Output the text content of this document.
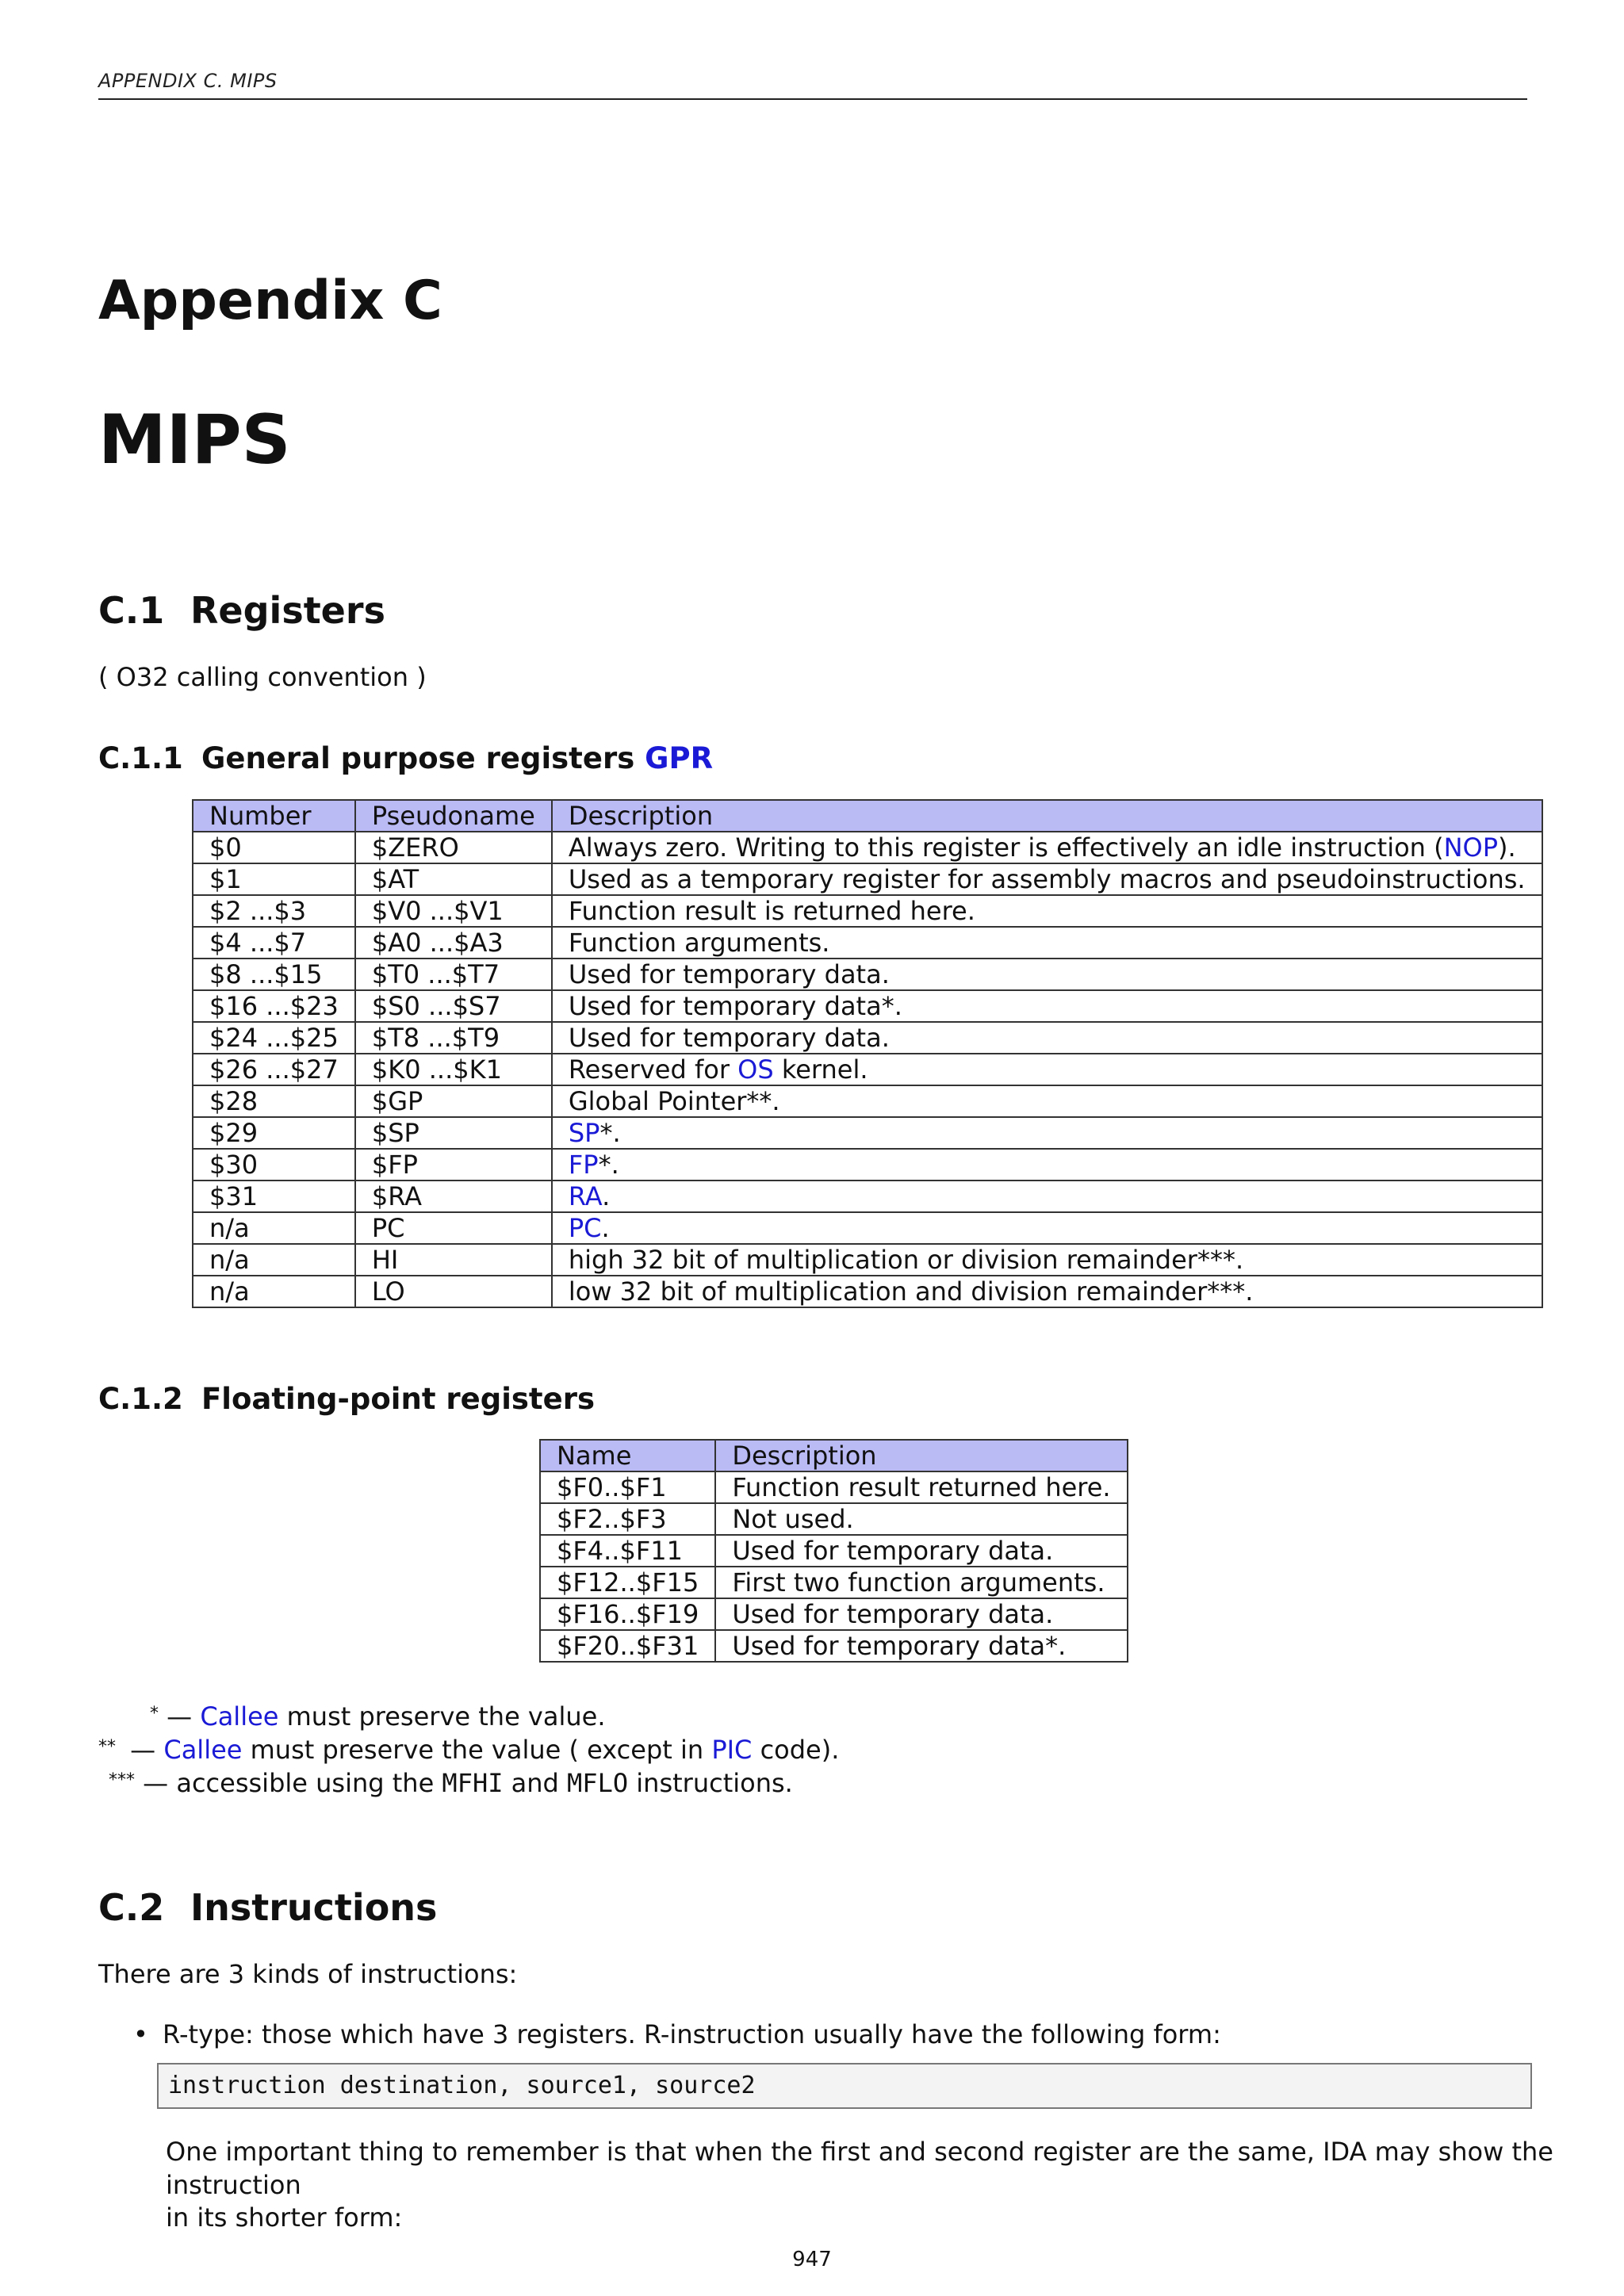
APPENDIX C. MIPS
Appendix C
MIPS
C.1 Registers
( O32 calling convention )
C.1.1 General purpose registers GPR
Number	Pseudoname	Description
$0	$ZERO	Always zero. Writing to this register is effectively an idle instruction (NOP).
$1	$AT	Used as a temporary register for assembly macros and pseudoinstructions.
$2 ...$3	$V0 ...$V1	Function result is returned here.
$4 ...$7	$A0 ...$A3	Function arguments.
$8 ...$15	$T0 ...$T7	Used for temporary data.
$16 ...$23	$S0 ...$S7	Used for temporary data*.
$24 ...$25	$T8 ...$T9	Used for temporary data.
$26 ...$27	$K0 ...$K1	Reserved for OS kernel.
$28	$GP	Global Pointer**.
$29	$SP	SP*.
$30	$FP	FP*.
$31	$RA	RA.
n/a	PC	PC.
n/a	HI	high 32 bit of multiplication or division remainder***.
n/a	LO	low 32 bit of multiplication and division remainder***.
C.1.2 Floating-point registers
Name	Description
$F0..$F1	Function result returned here.
$F2..$F3	Not used.
$F4..$F11	Used for temporary data.
$F12..$F15	First two function arguments.
$F16..$F19	Used for temporary data.
$F20..$F31	Used for temporary data*.
* — Callee must preserve the value.
** — Callee must preserve the value ( except in PIC code).
*** — accessible using the MFHI and MFLO instructions.
C.2 Instructions
There are 3 kinds of instructions:
• R-type: those which have 3 registers. R-instruction usually have the following form:
instruction destination, source1, source2
One important thing to remember is that when the first and second register are the same, IDA may show the instruction
in its shorter form:
947
